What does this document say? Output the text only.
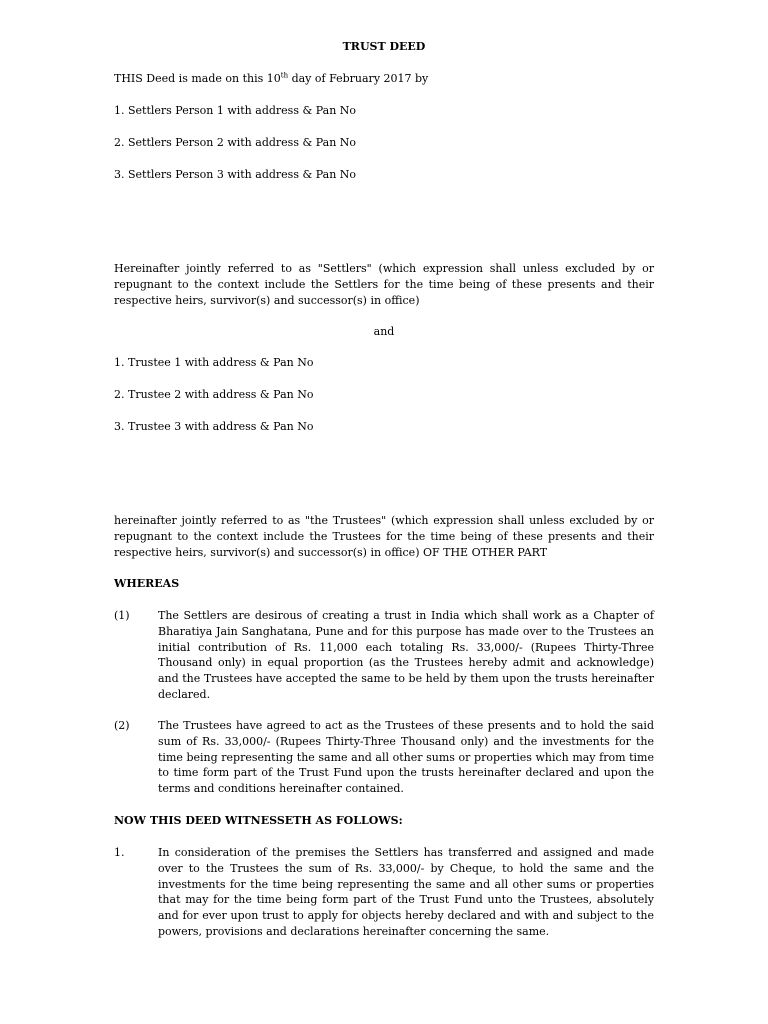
TRUST DEED
THIS Deed is made on this 10th day of February 2017 by
1. Settlers Person 1 with address & Pan No
2. Settlers Person 2 with address & Pan No
3. Settlers Person 3 with address & Pan No
Hereinafter jointly referred to as "Settlers" (which expression shall unless excluded by or repugnant to the context include the Settlers for the time being of these presents and their respective heirs, survivor(s) and successor(s) in office)
and
1. Trustee 1 with address & Pan No
2. Trustee 2 with address & Pan No
3. Trustee 3 with address & Pan No
hereinafter jointly referred to as "the Trustees" (which expression shall unless excluded by or repugnant to the context include the Trustees for the time being of these presents and their respective heirs, survivor(s) and successor(s) in office) OF THE OTHER PART
WHEREAS
(1)	The Settlers are desirous of creating a trust in India which shall work as a Chapter of Bharatiya Jain Sanghatana, Pune and for this purpose has made over to the Trustees an initial contribution of Rs. 11,000 each totaling Rs. 33,000/- (Rupees Thirty-Three Thousand only) in equal proportion (as the Trustees hereby admit and acknowledge) and the Trustees have accepted the same to be held by them upon the trusts hereinafter declared.
(2)	The Trustees have agreed to act as the Trustees of these presents and to hold the said sum of Rs. 33,000/- (Rupees Thirty-Three Thousand only) and the investments for the time being representing the same and all other sums or properties which may from time to time form part of the Trust Fund upon the trusts hereinafter declared and upon the terms and conditions hereinafter contained.
NOW THIS DEED WITNESSETH AS FOLLOWS:
1.	In consideration of the premises the Settlers has transferred and assigned and made over to the Trustees the sum of Rs. 33,000/- by Cheque, to hold the same and the investments for the time being representing the same and all other sums or properties that may for the time being form part of the Trust Fund unto the Trustees, absolutely and for ever upon trust to apply for objects hereby declared and with and subject to the powers, provisions and declarations hereinafter concerning the same.
